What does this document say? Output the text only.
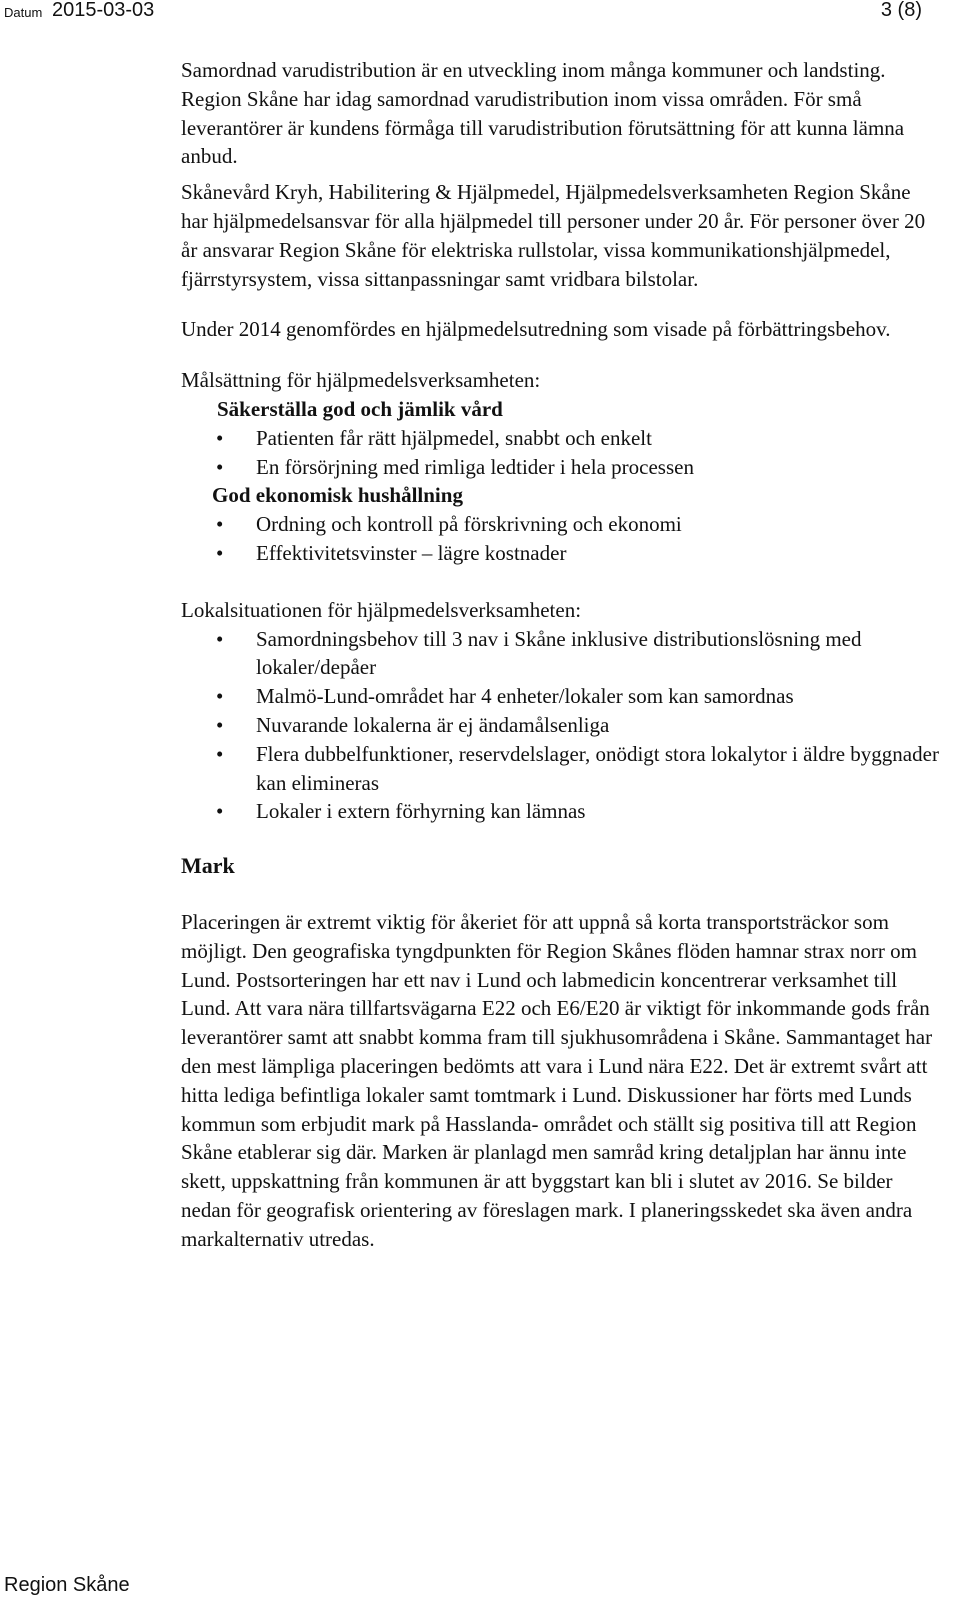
Datum 2015-03-03	3 (8)

Samordnad varudistribution är en utveckling inom många kommuner och landsting. Region Skåne har idag samordnad varudistribution inom vissa områden. För små leverantörer är kundens förmåga till varudistribution förutsättning för att kunna lämna anbud.

Skånevård Kryh, Habilitering & Hjälpmedel, Hjälpmedelsverksamheten Region Skåne har hjälpmedelsansvar för alla hjälpmedel till personer under 20 år. För personer över 20 år ansvarar Region Skåne för elektriska rullstolar, vissa kommunikationshjälpmedel, fjärrstyrsystem, vissa sittanpassningar samt vridbara bilstolar.

Under 2014 genomfördes en hjälpmedelsutredning som visade på förbättringsbehov.

Målsättning för hjälpmedelsverksamheten:

Säkerställa god och jämlik vård

• Patienten får rätt hjälpmedel, snabbt och enkelt
• En försörjning med rimliga ledtider i hela processen

God ekonomisk hushållning

• Ordning och kontroll på förskrivning och ekonomi
• Effektivitetsvinster – lägre kostnader

Lokalsituationen för hjälpmedelsverksamheten:

• Samordningsbehov till 3 nav i Skåne inklusive distributionslösning med lokaler/depåer
• Malmö-Lund-området har 4 enheter/lokaler som kan samordnas
• Nuvarande lokalerna är ej ändamålsenliga
• Flera dubbelfunktioner, reservdelslager, onödigt stora lokalytor i äldre byggnader kan elimineras
• Lokaler i extern förhyrning kan lämnas

Mark

Placeringen är extremt viktig för åkeriet för att uppnå så korta transportsträckor som möjligt. Den geografiska tyngdpunkten för Region Skånes flöden hamnar strax norr om Lund. Postsorteringen har ett nav i Lund och labmedicin koncentrerar verksamhet till Lund. Att vara nära tillfartsvägarna E22 och E6/E20 är viktigt för inkommande gods från leverantörer samt att snabbt komma fram till sjukhusområdena i Skåne. Sammantaget har den mest lämpliga placeringen bedömts att vara i Lund nära E22. Det är extremt svårt att hitta lediga befintliga lokaler samt tomtmark i Lund. Diskussioner har förts med Lunds kommun som erbjudit mark på Hasslanda- området och ställt sig positiva till att Region Skåne etablerar sig där. Marken är planlagd men samråd kring detaljplan har ännu inte skett, uppskattning från kommunen är att byggstart kan bli i slutet av 2016. Se bilder nedan för geografisk orientering av föreslagen mark. I planeringsskedet ska även andra markalternativ utredas.

Region Skåne
